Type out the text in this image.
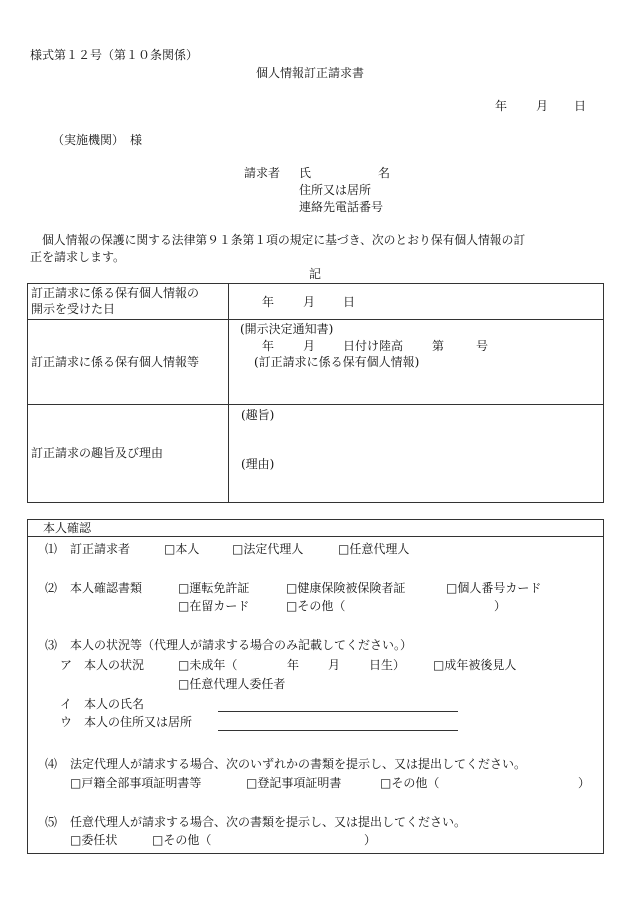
様式第１２号（第１０条関係）
個人情報訂正請求書
年 月 日
（実施機関）　様
請求者 氏	名
住所又は居所
連絡先電話番号
個人情報の保護に関する法律第９１条第１項の規定に基づき、次のとおり保有個人情報の訂
正を請求します。
記
訂正請求に係る保有個人情報の
開示を受けた日	年 月 日
訂正請求に係る保有個人情報等
(開示決定通知書)
年 月 日付け陸高 第	号
(訂正請求に係る保有個人情報)
訂正請求の趣旨及び理由
(趣旨)
(理由)
本人確認
⑴ 訂正請求者	□本人	□法定代理人	□任意代理人
⑵ 本人確認書類	□運転免許証	□健康保険被保険者証	□個人番号カード
□在留カード	□その他（	）
⑶ 本人の状況等（代理人が請求する場合のみ記載してください。）
ア　本人の状況	□未成年（	年 月 日生） □成年被後見人
□任意代理人委任者
イ　本人の氏名
ウ　本人の住所又は居所
⑷ 法定代理人が請求する場合、次のいずれかの書類を提示し、又は提出してください。
□戸籍全部事項証明書等	□登記事項証明書	□その他（	）
⑸ 任意代理人が請求する場合、次の書類を提示し、又は提出してください。
□委任状	□その他（	）
